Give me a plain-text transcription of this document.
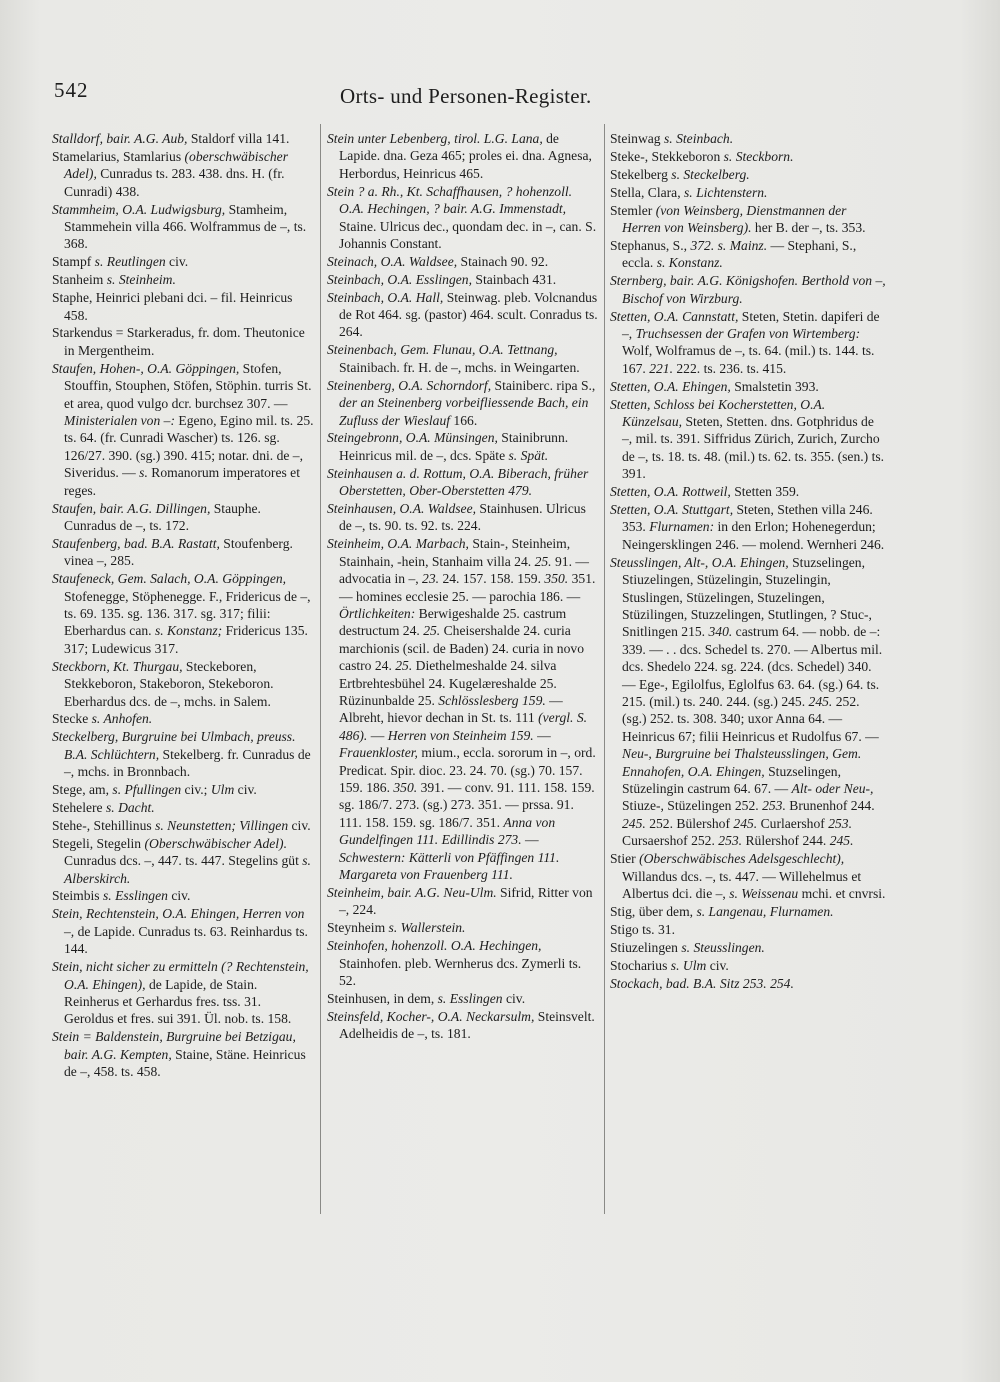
542	Orts- und Personen-Register.
Stalldorf, bair. A.G. Aub, Staldorf villa 141.
Stamelarius, Stamlarius (oberschwäbischer Adel), Cunradus ts. 283. 438. dns. H. (fr. Cunradi) 438.
Stammheim, O.A. Ludwigsburg, Stamheim, Stammehein villa 466. Wolframmus de –, ts. 368.
Stampf s. Reutlingen civ.
Stanheim s. Steinheim.
Staphe, Heinrici plebani dci. – fil. Heinricus 458.
Starkendus = Starkeradus, fr. dom. Theutonice in Mergentheim.
Staufen, Hohen-, O.A. Göppingen, Stofen, Stouffin, Stouphen, Stöfen, Stöphin. turris St. et area, quod vulgo dcr. burchsez 307. — Ministerialen von –: Egeno, Egino mil. ts. 25. ts. 64. (fr. Cunradi Wascher) ts. 126. sg. 126/27. 390. (sg.) 390. 415; notar. dni. de –, Siveridus. — s. Romanorum imperatores et reges.
Staufen, bair. A.G. Dillingen, Stauphe. Cunradus de –, ts. 172.
Staufenberg, bad. B.A. Rastatt, Stoufenberg. vinea –, 285.
Staufeneck, Gem. Salach, O.A. Göppingen, Stofenegge, Stöphenegge. F., Fridericus de –, ts. 69. 135. sg. 136. 317. sg. 317; filii: Eberhardus can. s. Konstanz; Fridericus 135. 317; Ludewicus 317.
Steckborn, Kt. Thurgau, Steckeboren, Stekkeboron, Stakeboron, Stekeboron. Eberhardus dcs. de –, mchs. in Salem.
Stecke s. Anhofen.
Steckelberg, Burgruine bei Ulmbach, preuss. B.A. Schlüchtern, Stekelberg. fr. Cunradus de –, mchs. in Bronnbach.
Stege, am, s. Pfullingen civ.; Ulm civ.
Stehelere s. Dacht.
Stehe-, Stehillinus s. Neunstetten; Villingen civ.
Stegeli, Stegelin (Oberschwäbischer Adel). Cunradus dcs. –, 447. ts. 447. Stegelins güt s. Alberskirch.
Steimbis s. Esslingen civ.
Stein, Rechtenstein, O.A. Ehingen, Herren von –, de Lapide. Cunradus ts. 63. Reinhardus ts. 144.
Stein, nicht sicher zu ermitteln (? Rechtenstein, O.A. Ehingen), de Lapide, de Stain. Reinherus et Gerhardus fres. tss. 31. Geroldus et fres. sui 391. Ül. nob. ts. 158.
Stein = Baldenstein, Burgruine bei Betzigau, bair. A.G. Kempten, Staine, Stäne. Heinricus de –, 458. ts. 458.
Stein unter Lebenberg, tirol. L.G. Lana, de Lapide. dna. Geza 465; proles ei. dna. Agnesa, Herbordus, Heinricus 465.
Stein ? a. Rh., Kt. Schaffhausen, ? hohenzoll. O.A. Hechingen, ? bair. A.G. Immenstadt, Staine. Ulricus dec., quondam dec. in –, can. S. Johannis Constant.
Steinach, O.A. Waldsee, Stainach 90. 92.
Steinbach, O.A. Esslingen, Stainbach 431.
Steinbach, O.A. Hall, Steinwag. pleb. Volcnandus de Rot 464. sg. (pastor) 464. scult. Conradus ts. 264.
Steinenbach, Gem. Flunau, O.A. Tettnang, Stainibach. fr. H. de –, mchs. in Weingarten.
Steinenberg, O.A. Schorndorf, Stainiberc. ripa S., der an Steinenberg vorbeifliessende Bach, ein Zufluss der Wieslauf 166.
Steingebronn, O.A. Münsingen, Stainibrunn. Heinricus mil. de –, dcs. Späte s. Spät.
Steinhausen a. d. Rottum, O.A. Biberach, früher Oberstetten, Ober-Oberstetten 479.
Steinhausen, O.A. Waldsee, Stainhusen. Ulricus de –, ts. 90. ts. 92. ts. 224.
Steinheim, O.A. Marbach, Stain-, Steinheim, Stainhain, -hein, Stanhaim villa 24. 25. 91. — advocatia in –, 23. 24. 157. 158. 159. 350. 351. — homines ecclesie 25. — parochia 186. — Örtlichkeiten: Berwigeshalde 25. castrum destructum 24. 25. Cheisershalde 24. curia marchionis (scil. de Baden) 24. curia in novo castro 24. 25. Diethelmeshalde 24. silva Ertbrehtesbühel 24. Kugelæreshalde 25. Rüzinunbalde 25. Schlösslesberg 159. — Albreht, hievor dechan in St. ts. 111 (vergl. S. 486). — Herren von Steinheim 159. — Frauenkloster, mium., eccla. sororum in –, ord. Predicat. Spir. dioc. 23. 24. 70. (sg.) 70. 157. 159. 186. 350. 391. — conv. 91. 111. 158. 159. sg. 186/7. 273. (sg.) 273. 351. — prssa. 91. 111. 158. 159. sg. 186/7. 351. Anna von Gundelfingen 111. Edillindis 273. — Schwestern: Kätterli von Pfäffingen 111. Margareta von Frauenberg 111.
Steinheim, bair. A.G. Neu-Ulm. Sifrid, Ritter von –, 224.
Steynheim s. Wallerstein.
Steinhofen, hohenzoll. O.A. Hechingen, Stainhofen. pleb. Wernherus dcs. Zymerli ts. 52.
Steinhusen, in dem, s. Esslingen civ.
Steinsfeld, Kocher-, O.A. Neckarsulm, Steinsvelt. Adelheidis de –, ts. 181.
Steinwag s. Steinbach.
Steke-, Stekkeboron s. Steckborn.
Stekelberg s. Steckelberg.
Stella, Clara, s. Lichtenstern.
Stemler (von Weinsberg, Dienstmannen der Herren von Weinsberg). her B. der –, ts. 353.
Stephanus, S., 372. s. Mainz. — Stephani, S., eccla. s. Konstanz.
Sternberg, bair. A.G. Königshofen. Berthold von –, Bischof von Wirzburg.
Stetten, O.A. Cannstatt, Steten, Stetin. dapiferi de –, Truchsessen der Grafen von Wirtemberg: Wolf, Wolframus de –, ts. 64. (mil.) ts. 144. ts. 167. 221. 222. ts. 236. ts. 415.
Stetten, O.A. Ehingen, Smalstetin 393.
Stetten, Schloss bei Kocherstetten, O.A. Künzelsau, Steten, Stetten. dns. Gotphridus de –, mil. ts. 391. Siffridus Zürich, Zurich, Zurcho de –, ts. 18. ts. 48. (mil.) ts. 62. ts. 355. (sen.) ts. 391.
Stetten, O.A. Rottweil, Stetten 359.
Stetten, O.A. Stuttgart, Steten, Stethen villa 246. 353. Flurnamen: in den Erlon; Hohenegerdun; Neingersklingen 246. — molend. Wernheri 246.
Steusslingen, Alt-, O.A. Ehingen, Stuzselingen, Stiuzelingen, Stüzelingin, Stuzelingin, Stuslingen, Stüzelingen, Stuzelingen, Stüzilingen, Stuzzelingen, Stutlingen, ? Stuc-, Snitlingen 215. 340. castrum 64. — nobb. de –: 339. — . . dcs. Schedel ts. 270. — Albertus mil. dcs. Shedelo 224. sg. 224. (dcs. Schedel) 340. — Ege-, Egilolfus, Eglolfus 63. 64. (sg.) 64. ts. 215. (mil.) ts. 240. 244. (sg.) 245. 245. 252. (sg.) 252. ts. 308. 340; uxor Anna 64. — Heinricus 67; filii Heinricus et Rudolfus 67. — Neu-, Burgruine bei Thalsteusslingen, Gem. Ennahofen, O.A. Ehingen, Stuzselingen, Stüzelingin castrum 64. 67. — Alt- oder Neu-, Stiuze-, Stüzelingen 252. 253. Brunenhof 244. 245. 252. Bülershof 245. Curlaershof 253. Cursaershof 252. 253. Rülershof 244. 245.
Stier (Oberschwäbisches Adelsgeschlecht), Willandus dcs. –, ts. 447. — Willehelmus et Albertus dci. die –, s. Weissenau mchi. et cnvrsi.
Stig, über dem, s. Langenau, Flurnamen.
Stigo ts. 31.
Stiuzelingen s. Steusslingen.
Stocharius s. Ulm civ.
Stockach, bad. B.A. Sitz 253. 254.
